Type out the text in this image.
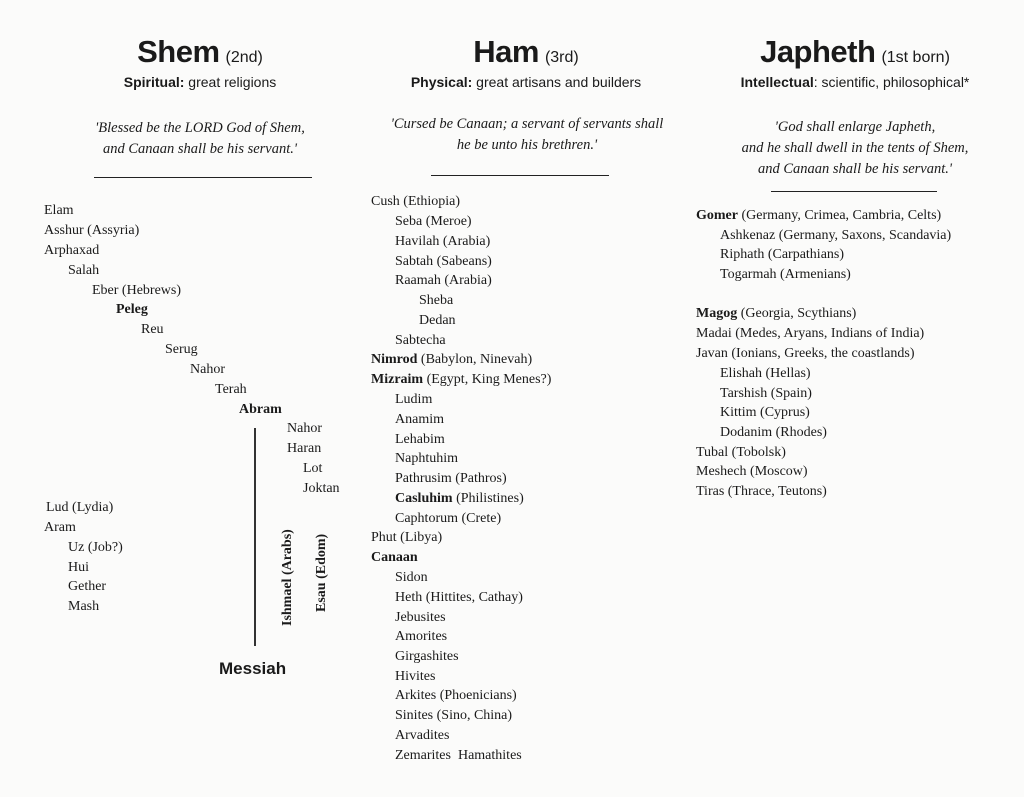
Shem (2nd)
Spiritual: great religions
'Blessed be the LORD God of Shem,
and Canaan shall be his servant.'
Elam
Asshur (Assyria)
Arphaxad
Salah
Eber (Hebrews)
Peleg
Reu
Serug
Nahor
Terah
Abram
Nahor
Haran
Lot
Joktan
Lud (Lydia)
Aram
Uz (Job?)
Hui
Gether
Mash	Ishmael (Arabs) Esau (Edom)
Messiah
Ham (3rd)
Physical: great artisans and builders
'Cursed be Canaan; a servant of servants shall
he be unto his brethren.'
Cush (Ethiopia)
Seba (Meroe)
Havilah (Arabia)
Sabtah (Sabeans)
Raamah (Arabia)
Sheba
Dedan
Sabtecha
Nimrod (Babylon, Ninevah)
Mizraim (Egypt, King Menes?)
Ludim
Anamim
Lehabim
Naphtuhim
Pathrusim (Pathros)
Casluhim (Philistines)
Caphtorum (Crete)
Phut (Libya)
Canaan
Sidon
Heth (Hittites, Cathay)
Jebusites
Amorites
Girgashites
Hivites
Arkites (Phoenicians)
Sinites (Sino, China)
Arvadites
Zemarites  Hamathites
Japheth (1st born)
Intellectual: scientific, philosophical*
'God shall enlarge Japheth,
and he shall dwell in the tents of Shem,
and Canaan shall be his servant.'
Gomer (Germany, Crimea, Cambria, Celts)
Ashkenaz (Germany, Saxons, Scandavia)
Riphath (Carpathians)
Togarmah (Armenians)
Magog (Georgia, Scythians)
Madai (Medes, Aryans, Indians of India)
Javan (Ionians, Greeks, the coastlands)
Elishah (Hellas)
Tarshish (Spain)
Kittim (Cyprus)
Dodanim (Rhodes)
Tubal (Tobolsk)
Meshech (Moscow)
Tiras (Thrace, Teutons)
